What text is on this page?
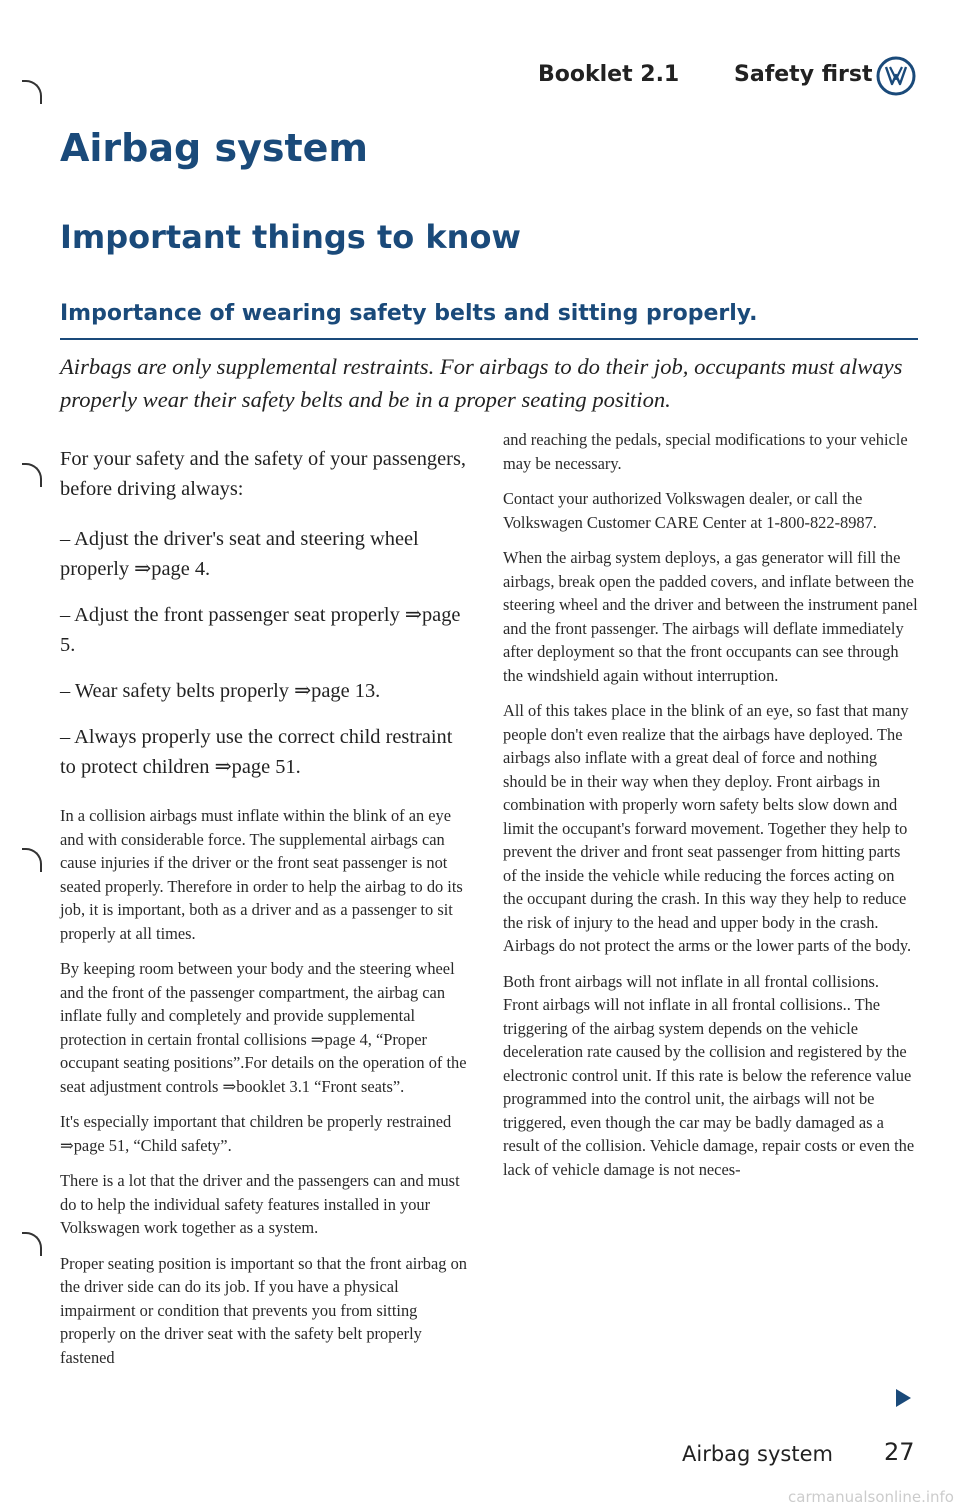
Booklet 2.1 Safety first
Airbag system
Important things to know
Importance of wearing safety belts and sitting properly.

Airbags are only supplemental restraints. For airbags to do their job, occupants must always properly wear their safety belts and be in a proper seating position.

For your safety and the safety of your passengers, before driving always:

– Adjust the driver's seat and steering wheel properly ⇒page 4.

– Adjust the front passenger seat properly ⇒page 5.

– Wear safety belts properly ⇒page 13.

– Always properly use the correct child restraint to protect children ⇒page 51.

In a collision airbags must inflate within the blink of an eye and with considerable force. The supplemental airbags can cause injuries if the driver or the front seat passenger is not seated properly. Therefore in order to help the airbag to do its job, it is important, both as a driver and as a passenger to sit properly at all times.

By keeping room between your body and the steering wheel and the front of the passenger compartment, the airbag can inflate fully and completely and provide supplemental protection in certain frontal collisions ⇒page 4, “Proper occupant seating positions”.For details on the operation of the seat adjustment controls ⇒booklet 3.1 “Front seats”.

It's especially important that children be properly restrained ⇒page 51, “Child safety”.

There is a lot that the driver and the passengers can and must do to help the individual safety features installed in your Volkswagen work together as a system.

Proper seating position is important so that the front airbag on the driver side can do its job. If you have a physical impairment or condition that prevents you from sitting properly on the driver seat with the safety belt properly fastened

and reaching the pedals, special modifications to your vehicle may be necessary.

Contact your authorized Volkswagen dealer, or call the Volkswagen Customer CARE Center at 1-800-822-8987.

When the airbag system deploys, a gas generator will fill the airbags, break open the padded covers, and inflate between the steering wheel and the driver and between the instrument panel and the front passenger. The airbags will deflate immediately after deployment so that the front occupants can see through the windshield again without interruption.

All of this takes place in the blink of an eye, so fast that many people don't even realize that the airbags have deployed. The airbags also inflate with a great deal of force and nothing should be in their way when they deploy. Front airbags in combination with properly worn safety belts slow down and limit the occupant's forward movement. Together they help to prevent the driver and front seat passenger from hitting parts of the inside the vehicle while reducing the forces acting on the occupant during the crash. In this way they help to reduce the risk of injury to the head and upper body in the crash. Airbags do not protect the arms or the lower parts of the body.

Both front airbags will not inflate in all frontal collisions. Front airbags will not inflate in all frontal collisions.. The triggering of the airbag system depends on the vehicle deceleration rate caused by the collision and registered by the electronic control unit. If this rate is below the reference value programmed into the control unit, the airbags will not be triggered, even though the car may be badly damaged as a result of the collision. Vehicle damage, repair costs or even the lack of vehicle damage is not neces-

Airbag system 27
carmanualsonline.info
